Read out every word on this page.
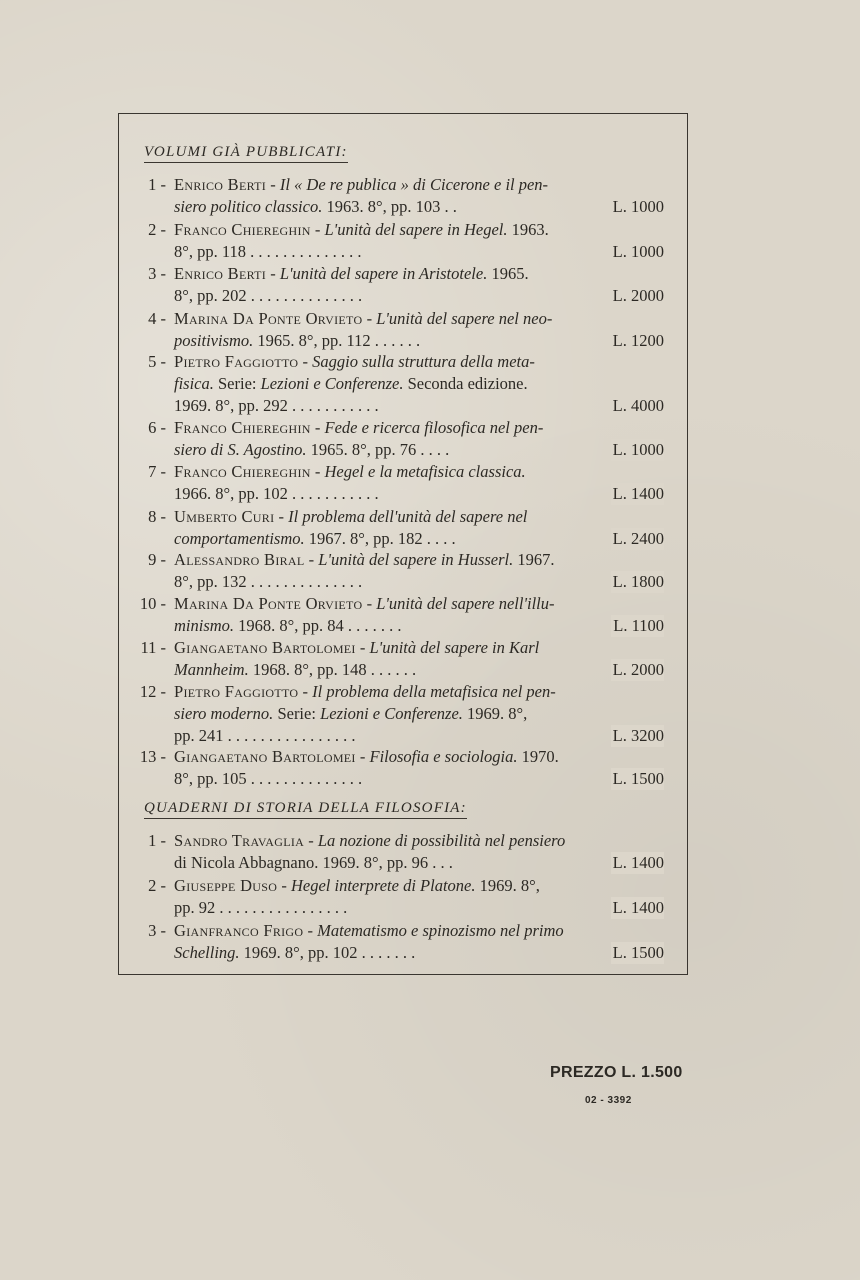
VOLUMI GIÀ PUBBLICATI:
1 - Enrico Berti - Il « De re publica » di Cicerone e il pen-
siero politico classico. 1963. 8°, pp. 103 . .	L. 1000
2 - Franco Chiereghin - L'unità del sapere in Hegel. 1963.
8°, pp. 118 . . . . . . . . . . . . . .	L. 1000
3 - Enrico Berti - L'unità del sapere in Aristotele. 1965.
8°, pp. 202 . . . . . . . . . . . . . .	L. 2000
4 - Marina Da Ponte Orvieto - L'unità del sapere nel neo-
positivismo. 1965. 8°, pp. 112 . . . . . .	L. 1200
5 - Pietro Faggiotto - Saggio sulla struttura della meta-
fisica. Serie: Lezioni e Conferenze. Seconda edizione.
1969. 8°, pp. 292 . . . . . . . . . . .	L. 4000
6 - Franco Chiereghin - Fede e ricerca filosofica nel pen-
siero di S. Agostino. 1965. 8°, pp. 76 . . . .	L. 1000
7 - Franco Chiereghin - Hegel e la metafisica classica.
1966. 8°, pp. 102 . . . . . . . . . . .	L. 1400
8 - Umberto Curi - Il problema dell'unità del sapere nel
comportamentismo. 1967. 8°, pp. 182 . . . .	L. 2400
9 - Alessandro Biral - L'unità del sapere in Husserl. 1967.
8°, pp. 132 . . . . . . . . . . . . . .	L. 1800
10 - Marina Da Ponte Orvieto - L'unità del sapere nell'illu-
minismo. 1968. 8°, pp. 84 . . . . . . .	L. 1100
11 - Giangaetano Bartolomei - L'unità del sapere in Karl
Mannheim. 1968. 8°, pp. 148 . . . . . .	L. 2000
12 - Pietro Faggiotto - Il problema della metafisica nel pen-
siero moderno. Serie: Lezioni e Conferenze. 1969. 8°,
pp. 241 . . . . . . . . . . . . . . . .	L. 3200
13 - Giangaetano Bartolomei - Filosofia e sociologia. 1970.
8°, pp. 105 . . . . . . . . . . . . . .	L. 1500
QUADERNI DI STORIA DELLA FILOSOFIA:
1 - Sandro Travaglia - La nozione di possibilità nel pensiero
di Nicola Abbagnano. 1969. 8°, pp. 96 . . .	L. 1400
2 - Giuseppe Duso - Hegel interprete di Platone. 1969. 8°,
pp. 92 . . . . . . . . . . . . . . . .	L. 1400
3 - Gianfranco Frigo - Matematismo e spinozismo nel primo
Schelling. 1969. 8°, pp. 102 . . . . . . .	L. 1500
PREZZO L. 1.500
02 - 3392
